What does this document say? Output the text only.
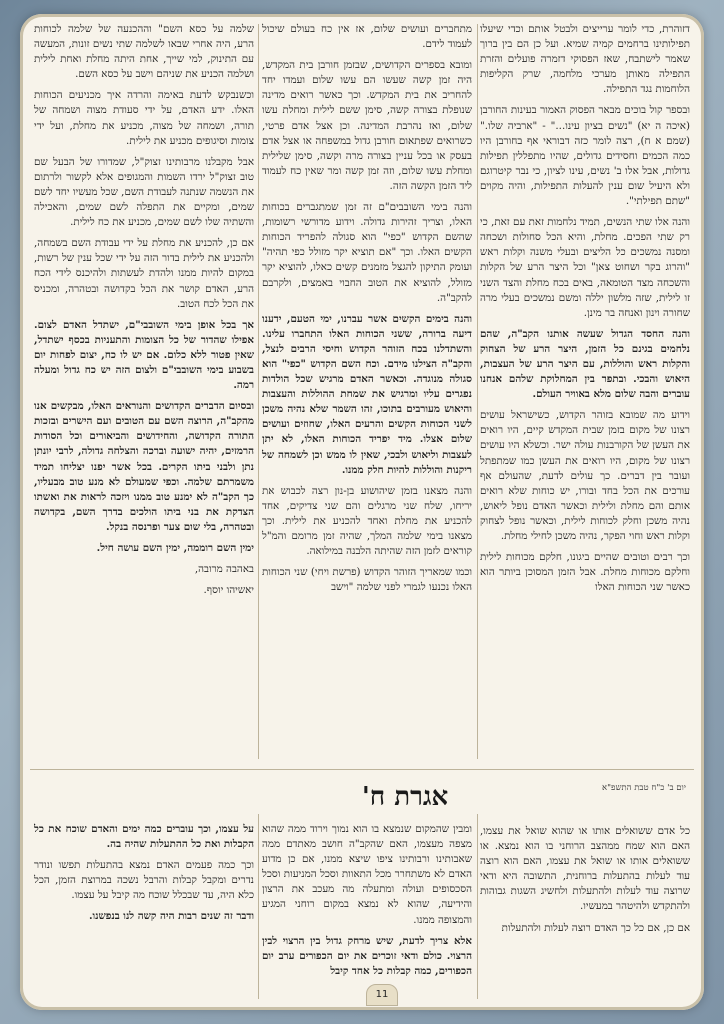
דזוהרת, כדי לומר ערייצים ולבטל אותם וכדי שיעלו תפילותינו ברחמים קמיה שמיא. ועל כן הם בין ברוך שאמר לישתבח, שאז הפסוקי דזמרה פועלים והזרת התפילה מאותן מערכי מלחמה, שרק הקליפות הלוחמות נגד התפילה.

ובספר קול בוכים מבאר הפסוק האמור בעינות החורבן (איכה ה יא) "נשים בציון עינו..." - "ארביה שלו." (שמם א ח), רצה לומר כזה דבוראי אף בחורבן היו כמה הכמים וחסידים גדולים, שהיו מתפללין תפילות גדולות, אבל אלו ב' נשים, עינו לציון, כי נבר קיטרוגם ולא היעיל שום ענין להעלות התפילות, והיה מקוים "שתם תפילתי".

והנה אלו שתי הנשים, תמיד נלחמות זאת עם זאת, כי רק שתי הפכים. מחלת, והיא הכל סחולות ושכחה ומסנה נמשכים כל הליצים ובעלי משנה וקלות ראש "והרוג בקר ושחוט צאן" וכל היצר הרע של הקלות והשכחה מצד הטומאה, באים בכח מחלת והצד השני זו לילית, שזה מלשון יללה ומשם נמשכים בעלי מרה שחורה וינון ואנחה בר מינן.

והנה החסד הגדול שעשה אותנו הקב"ה, שהם נלחמים בגינם כל הזמן, היצר הרע של הצחוק והקלות ראש והוללות, עם היצר הרע של העצבות, היאוש והבכי. ובתפר בין המחלוקת שלהם אנחנו עוברים והבה שלום מלא באוויר העולם.

וידוע מה שמובא בזוהר הקדוש, כשישראל עושים רצונו של מקום בזמן שבית המקדש קיים, היו רואים את העשן של הקורבנות עולה ישר. וכשלא היו עושים רצונו של מקום, היו רואים את העשן כמו שמתפתל ועובר בין דברים. כך עולים לדעת, שהעולם אף עורכים את הכל בחד ובורו, יש כוחות שלא רואים אותם והם מחלת ולילית וכאשר האדם נופל ליאוש, נהיה משכן וחלק לכוחות לילית, וכאשר נופל לצחוק וקלות ראש וחוי הפקר, נהיה משכן לחילי מחלת.

וכך רבים וטובים שהיים ביגונו, חלקם מכוחות לילית וחלקם מכוחות מחלת. אבל הזמן המסוכן ביותר הוא כאשר שני הכוחות האלו

מתחברים ועושים שלום, אז אין כח בעולם שיכול לעמוד לידם.

ומובא בספרים הקדושים, שבזמן חורבן בית המקדש, היה זמן קשה שעשו הם עשו שלום ועמדו יחד להחריב את בית המקדש. וכך כאשר רואים מדינה שנופלת בצורה קשה, סימן ששם לילית ומחלת עשו שלום, ואז נהרבת המדינה. וכן אצל אדם פרטי, כשרואים שפתאום חורבן גדול במשפחה או אצל אדם בעסק או בכל עניין בצורה מרה וקשה, סימן שלילית ומחלת עשו שלום, וזה זמן קשה ומר שאין כח לעמוד ליד הזמן הקשה הזה.

והנה בימי השובבים"ם זה זמן שמתגברים בכוחות האלו, וצריך זהירות גדולה. וידוע מדורשי רשומות, שהשם הקדוש "כפי" הוא סגולה להפריד הכוחות הקשים האלו. וכך "אם תוציא יקר מזולל כפי תהיה" ועומק התיקון להגצל מזמנים קשים כאלו, להוציא יקר מזולל, להוציא את הטוב החבוי באמצים, ולקרבם להקב"ה.

והנה בימים הקשים אשר עברנו, ימי הטעם, ידענו דיעה ברורה, ששני הכוחות האלו התחברו עלינו. והשתדלנו בכח הזוהר הקדוש וחיסי הרבים לנצל, והקב"ה הצילנו מידם. וכח השם הקדוש "כפי" הוא סגולה מנוגדה. וכאשר האדם מרגיש שכל הולדות נפגרים עליו ומרגיש את שמחת ההוללות והעצבות והיאוש מעורבים בתוכו, זהו השמר שלא נהיה משכן לשני הכוחות הקשים והרעים האלו, שחוזים ועושים שלום אצלו. מיד יפריד הכוחות האלו, לא יתן לעצבות וליאוש ולבכי, שאין לו ממש וכן לשמחה של ריקנות והוללות להיות חלק ממנו.

והנה מצאנו בזמן שיהושוע בן-נון רצה לכבוש את יריחו, שלח שני מרגלים והם שני צדיקים, אחד להכניע את מחלת ואחד להכניע את לילית. וכך מצאנו בימי שלמה המלך, שהיה זמן מרומם והמ"ל קוראים לזמן הזה שהיתה הלבנה במילואה.

וכמו שמאריך הזוהר הקדוש (פרשת ויחי) שני הכוחות האלו נכנעו לגמרי לפני שלמה "וישב

שלמה על כסא השם" וההכנעה של שלמה לכוחות הרע, היה אחרי שבאו לשלמה שתי נשים זונות, המעשה עם התינוק, למי שייך, אחת היתה מחלת ואחת לילית ושלמה הכניע את שניהם וישב על כסא השם.

וכשנבקש לדעת באימה והרדה איך מכניעים הכוחות האלו. ידע האדם, על ידי סעודת מצוה ושמחה של תורה, ושמחה של מצוה, מכניע את מחלת, ועל ידי צומות וסיגופים מכניע את לילית.

אבל מקבלנו מרבותינו זצוק"ל, שמדורו של הבעל שם טוב זצוק"ל ירדו השמות והמגופים אלא לקשור ולרתום את הנשמה שנתנה לעבודת השם, שכל מעשיו יחד לשם שמים, ומקיים את התפלה לשם שמים, והאכילה והשתיה שלו לשם שמים, מכניע את כח לילית.

אם כן, להכניע את מחלת על ידי עבודת השם בשמחה, ולהכניע את לילית בדור הזה על ידי שכל ענין של רשות, במקום להיות ממנו ולהדת לעשתות ולהיכנס לידי הכח הרע, האדם קושר את הכל בקדושה ובטהרה, ומכניס את הכל לכח הטוב.

אך בכל אופן בימי השובבי"ם, ישתדל האדם לצום. אפילו שהדור של כל הצומות והתעניות בכסף ישתדל, שאין פטור ללא כלום. אם יש לו כח, יצום לפחות יום בשבוע בימי השובבי"ם ולצום הזה יש כח גדול ומעלה רמה.

ובסיום הדברים הקדושים והנוראים האלו, מבקשים אנו מהקב"ה, הרוצה השם עם הטובים ועם הישרים ובזכות התורה הקדושה, והחידושים והביאורים וכל הסודות הרמזים, יהיה ישועה וברכה והצלחה גדולה, לרבי יונתן נתן ולבני ביתו הקרים. בכל אשר יפנו יצליחו תמיד משמרתם שלמה. וכפי שמעולם לא מנע טוב מבעליו, כך הקב"ה לא ימנע טוב ממנו ויזכה לראות את ואשתו הצדקת את בני ביתו הולכים בדרך השם, בקדושה ובטהרה, בלי שום צער ופרנסה בנקל.

ימין השם רוממה, ימין השם עושה חיל.

באהבה מרובה,

יאשיהו יוסף.

אגרת ח'	יום ב' כ"ח טבת התשפ"א

כל אדם ששואלים אותו או שהוא שואל את עצמו, האם הוא שמח ממהצב הרוחני בו הוא נמצא. או ששואלים אותו או שואל את עצמו, האם הוא רוצה עוד לעלות בהתעלות ברוחנית, התשובה היא ודאי שרוצה עוד לעלות ולהתעלות ולחשיג השגות גבוהות ולהתקדש ולהיטהר במעשיו.

אם כן, אם כל כך האדם רוצה לעלות ולהתעלות

ומבין שהמקום שנמצא בו הוא נמוך וירוד ממה שהוא מצפה מעצמו, האם שהקב"ה חושב מאתדם ממה שאבותינו ורבותינו ציפו שיצא ממנו, אם כן מדוע האדם לא משתחרר מכל התאוות וסכל המניעות וסכל הסכסופים ועולה ומתעלה מה מעכב את הרצון והידיעה, שהוא לא נמצא במקום רוחני המגיע והמצופה ממנו.

אלא צריך לדעת, שיש מרחק גדול בין הרצוי לבין הרצוי. כולם ודאי זוכרים את יום הכפורים ערב יום הכפורים, כמה קבלות כל אחד קיבל

על עצמו, וכך עוברים כמה ימים והאדם שוכח את כל הקבלות ואת כל ההתעלות שהיה בה.

וכך כמה פעמים האדם נמצא בהתעלות תפשו ונודר נדרים ומקבל קבלות והרבל נשכה במרוצת הזמן, הכל כלא היה, עד שבכלל שוכח מה קיבל על עצמו.

ודבר זה שנים רבות היה קשה לנו בנפשנו.

11
